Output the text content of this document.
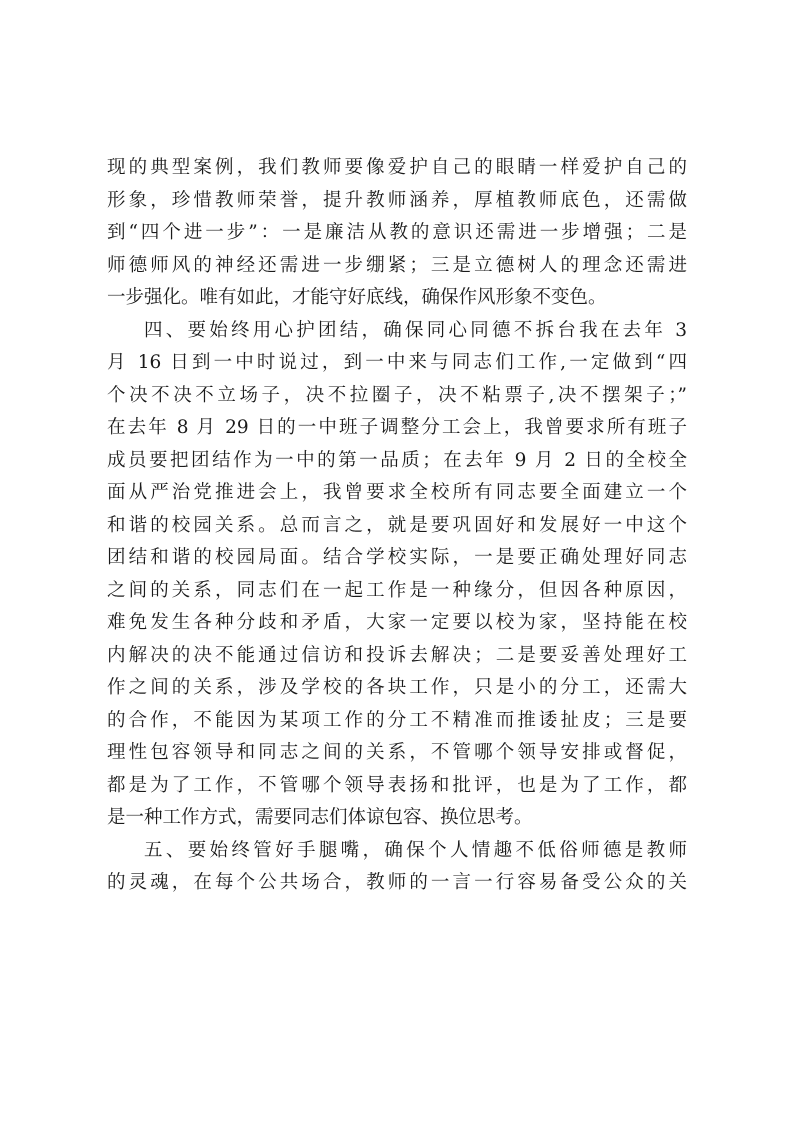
现的典型案例，我们教师要像爱护自己的眼睛一样爱护自己的
形象，珍惜教师荣誉，提升教师涵养，厚植教师底色，还需做
到“四个进一步”：一是廉洁从教的意识还需进一步增强；二是
师德师风的神经还需进一步绷紧；三是立德树人的理念还需进
一步强化。唯有如此，才能守好底线，确保作风形象不变色。
四、要始终用心护团结，确保同心同德不拆台我在去年 3
月 16 日到一中时说过，到一中来与同志们工作,一定做到“四
个决不决不立场子，决不拉圈子，决不粘票子,决不摆架子；”
在去年 8 月 29 日的一中班子调整分工会上，我曾要求所有班子
成员要把团结作为一中的第一品质；在去年 9 月 2 日的全校全
面从严治党推进会上，我曾要求全校所有同志要全面建立一个
和谐的校园关系。总而言之，就是要巩固好和发展好一中这个
团结和谐的校园局面。结合学校实际，一是要正确处理好同志
之间的关系，同志们在一起工作是一种缘分，但因各种原因，
难免发生各种分歧和矛盾，大家一定要以校为家，坚持能在校
内解决的决不能通过信访和投诉去解决；二是要妥善处理好工
作之间的关系，涉及学校的各块工作，只是小的分工，还需大
的合作，不能因为某项工作的分工不精准而推诿扯皮；三是要
理性包容领导和同志之间的关系，不管哪个领导安排或督促，
都是为了工作，不管哪个领导表扬和批评，也是为了工作，都
是一种工作方式，需要同志们体谅包容、换位思考。
五、要始终管好手腿嘴，确保个人情趣不低俗师德是教师
的灵魂，在每个公共场合，教师的一言一行容易备受公众的关
